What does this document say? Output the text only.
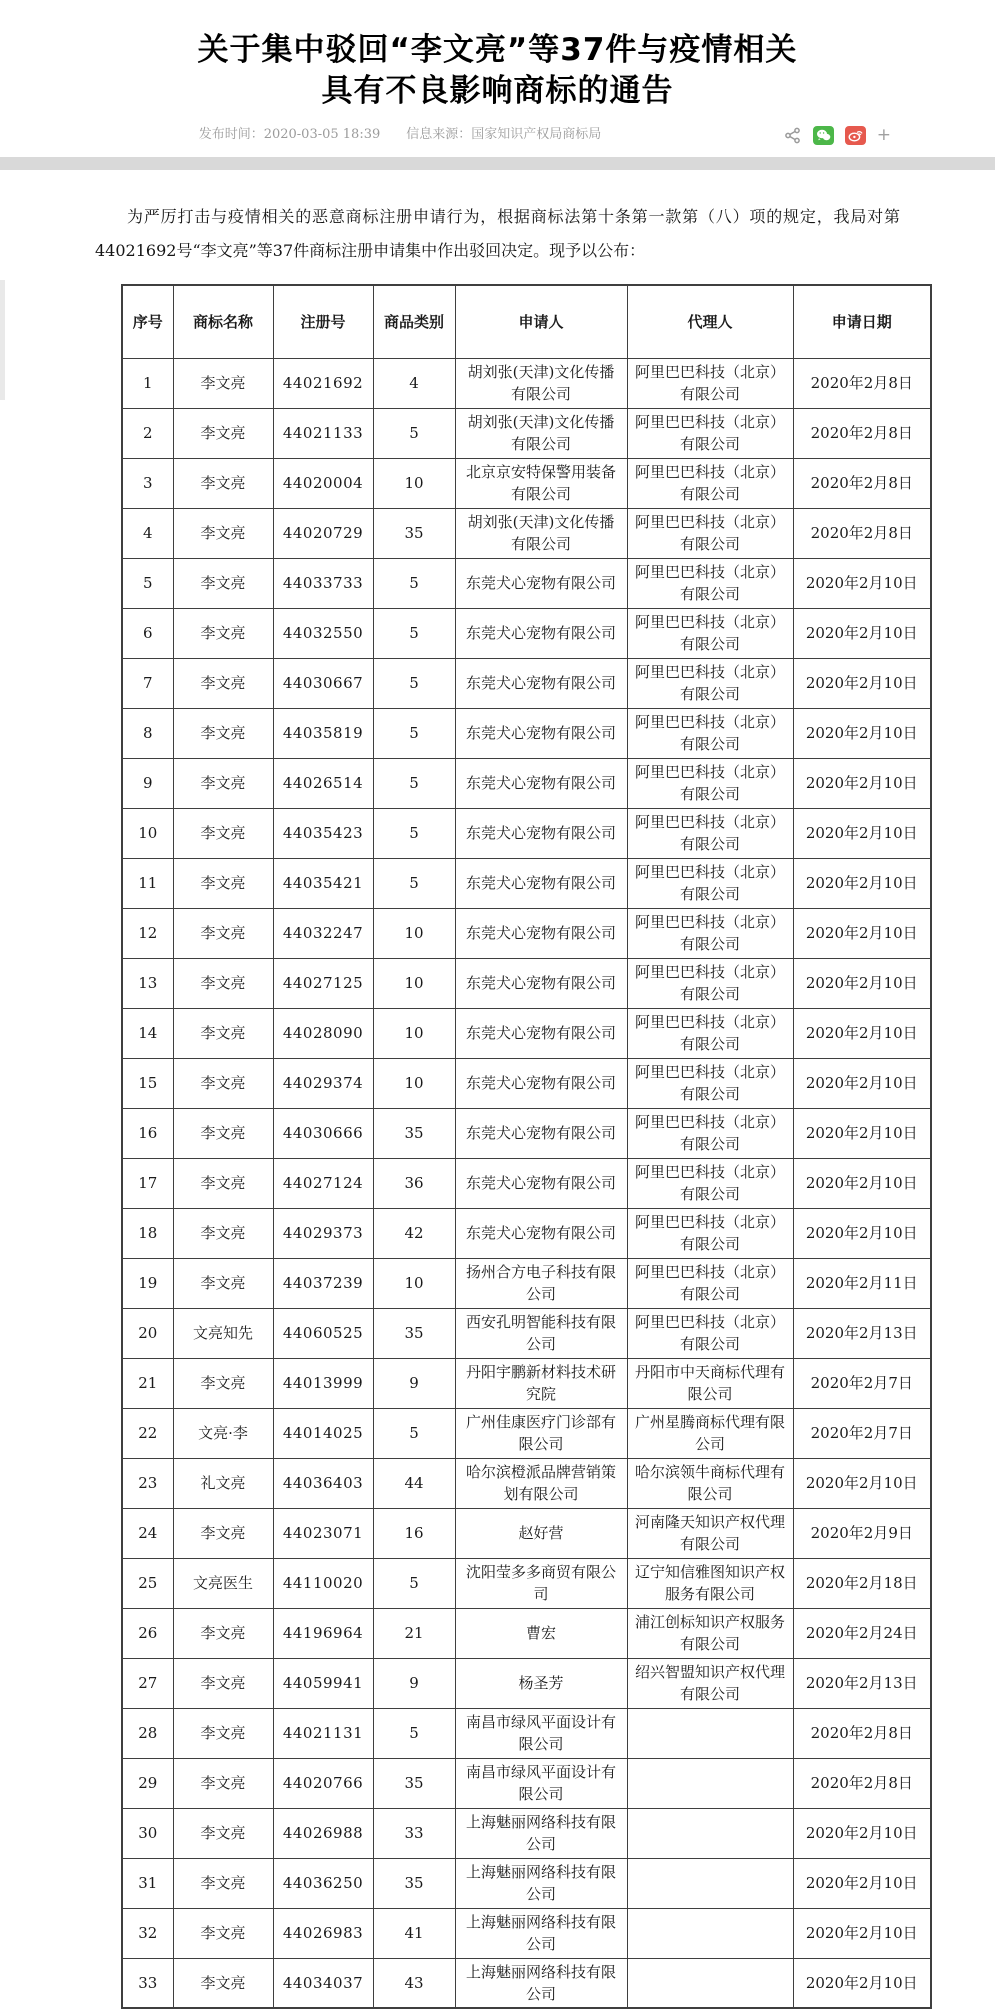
关于集中驳回“李文亮”等37件与疫情相关
具有不良影响商标的通告
发布时间：2020-03-05 18:39 信息来源：国家知识产权局商标局	+

为严厉打击与疫情相关的恶意商标注册申请行为，根据商标法第十条第一款第（八）项的规定，我局对第44021692号“李文亮”等37件商标注册申请集中作出驳回决定。现予以公布：

序号	商标名称	注册号	商品类别	申请人	代理人	申请日期
1	李文亮	44021692	4	胡刘张(天津)文化传播有限公司	阿里巴巴科技（北京）有限公司	2020年2月8日
2	李文亮	44021133	5	胡刘张(天津)文化传播有限公司	阿里巴巴科技（北京）有限公司	2020年2月8日
3	李文亮	44020004	10	北京京安特保警用装备有限公司	阿里巴巴科技（北京）有限公司	2020年2月8日
4	李文亮	44020729	35	胡刘张(天津)文化传播有限公司	阿里巴巴科技（北京）有限公司	2020年2月8日
5	李文亮	44033733	5	东莞犬心宠物有限公司	阿里巴巴科技（北京）有限公司	2020年2月10日
6	李文亮	44032550	5	东莞犬心宠物有限公司	阿里巴巴科技（北京）有限公司	2020年2月10日
7	李文亮	44030667	5	东莞犬心宠物有限公司	阿里巴巴科技（北京）有限公司	2020年2月10日
8	李文亮	44035819	5	东莞犬心宠物有限公司	阿里巴巴科技（北京）有限公司	2020年2月10日
9	李文亮	44026514	5	东莞犬心宠物有限公司	阿里巴巴科技（北京）有限公司	2020年2月10日
10	李文亮	44035423	5	东莞犬心宠物有限公司	阿里巴巴科技（北京）有限公司	2020年2月10日
11	李文亮	44035421	5	东莞犬心宠物有限公司	阿里巴巴科技（北京）有限公司	2020年2月10日
12	李文亮	44032247	10	东莞犬心宠物有限公司	阿里巴巴科技（北京）有限公司	2020年2月10日
13	李文亮	44027125	10	东莞犬心宠物有限公司	阿里巴巴科技（北京）有限公司	2020年2月10日
14	李文亮	44028090	10	东莞犬心宠物有限公司	阿里巴巴科技（北京）有限公司	2020年2月10日
15	李文亮	44029374	10	东莞犬心宠物有限公司	阿里巴巴科技（北京）有限公司	2020年2月10日
16	李文亮	44030666	35	东莞犬心宠物有限公司	阿里巴巴科技（北京）有限公司	2020年2月10日
17	李文亮	44027124	36	东莞犬心宠物有限公司	阿里巴巴科技（北京）有限公司	2020年2月10日
18	李文亮	44029373	42	东莞犬心宠物有限公司	阿里巴巴科技（北京）有限公司	2020年2月10日
19	李文亮	44037239	10	扬州合方电子科技有限公司	阿里巴巴科技（北京）有限公司	2020年2月11日
20	文亮知先	44060525	35	西安孔明智能科技有限公司	阿里巴巴科技（北京）有限公司	2020年2月13日
21	李文亮	44013999	9	丹阳宇鹏新材料技术研究院	丹阳市中天商标代理有限公司	2020年2月7日
22	文亮·李	44014025	5	广州佳康医疗门诊部有限公司	广州星腾商标代理有限公司	2020年2月7日
23	礼文亮	44036403	44	哈尔滨橙派品牌营销策划有限公司	哈尔滨领牛商标代理有限公司	2020年2月10日
24	李文亮	44023071	16	赵好营	河南隆天知识产权代理有限公司	2020年2月9日
25	文亮医生	44110020	5	沈阳莹多多商贸有限公司	辽宁知信雅图知识产权服务有限公司	2020年2月18日
26	李文亮	44196964	21	曹宏	浦江创标知识产权服务有限公司	2020年2月24日
27	李文亮	44059941	9	杨圣芳	绍兴智盟知识产权代理有限公司	2020年2月13日
28	李文亮	44021131	5	南昌市绿风平面设计有限公司		2020年2月8日
29	李文亮	44020766	35	南昌市绿风平面设计有限公司		2020年2月8日
30	李文亮	44026988	33	上海魅丽网络科技有限公司		2020年2月10日
31	李文亮	44036250	35	上海魅丽网络科技有限公司		2020年2月10日
32	李文亮	44026983	41	上海魅丽网络科技有限公司		2020年2月10日
33	李文亮	44034037	43	上海魅丽网络科技有限公司		2020年2月10日
